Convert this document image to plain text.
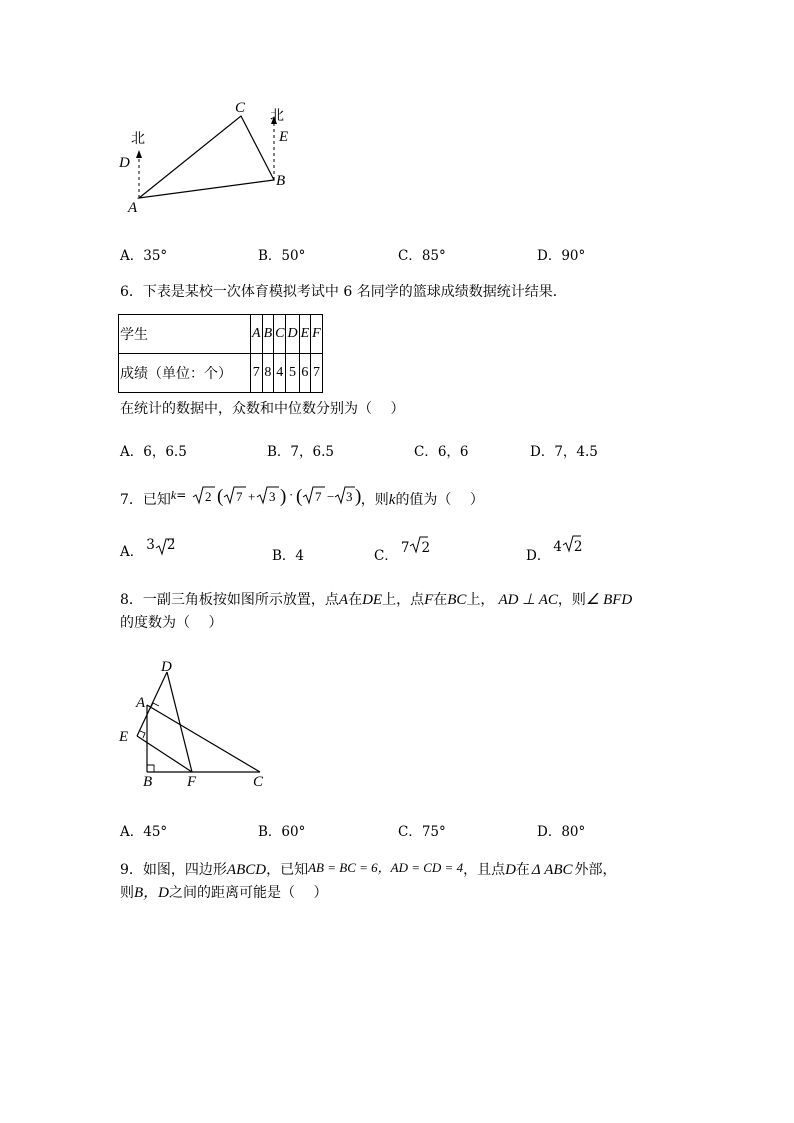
北
D
A
C
北
E
B
A．35°	B．50°	C．85°	D．90°
6．下表是某校一次体育模拟考试中 6 名同学的篮球成绩数据统计结果．
学生	A	B	C	D	E	F
成绩（单位：个）	7	8	4	5	6	7
在统计的数据中，众数和中位数分别为（　 ）
A．6，6.5	B．7，6.5	C．6，6	D．7，4.5
7．已知k= 2 ( 7 + 3 ) · ( 7 − 3 ) ，则k的值为（　 ）
A． 3 2
B．4	C． 7 2	D．4 2
8．一副三角板按如图所示放置，点A在DE上，点F在BC上， AD ⊥ AC，则∠ BFD
的度数为（　 ）
D
A
E
B F	C
A．45°	B．60°	C．75°	D．80°
9．如图，四边形ABCD，已知AB = BC = 6，AD = CD = 4，且点D在 Δ ABC 外部，
则B，D之间的距离可能是（　 ）
